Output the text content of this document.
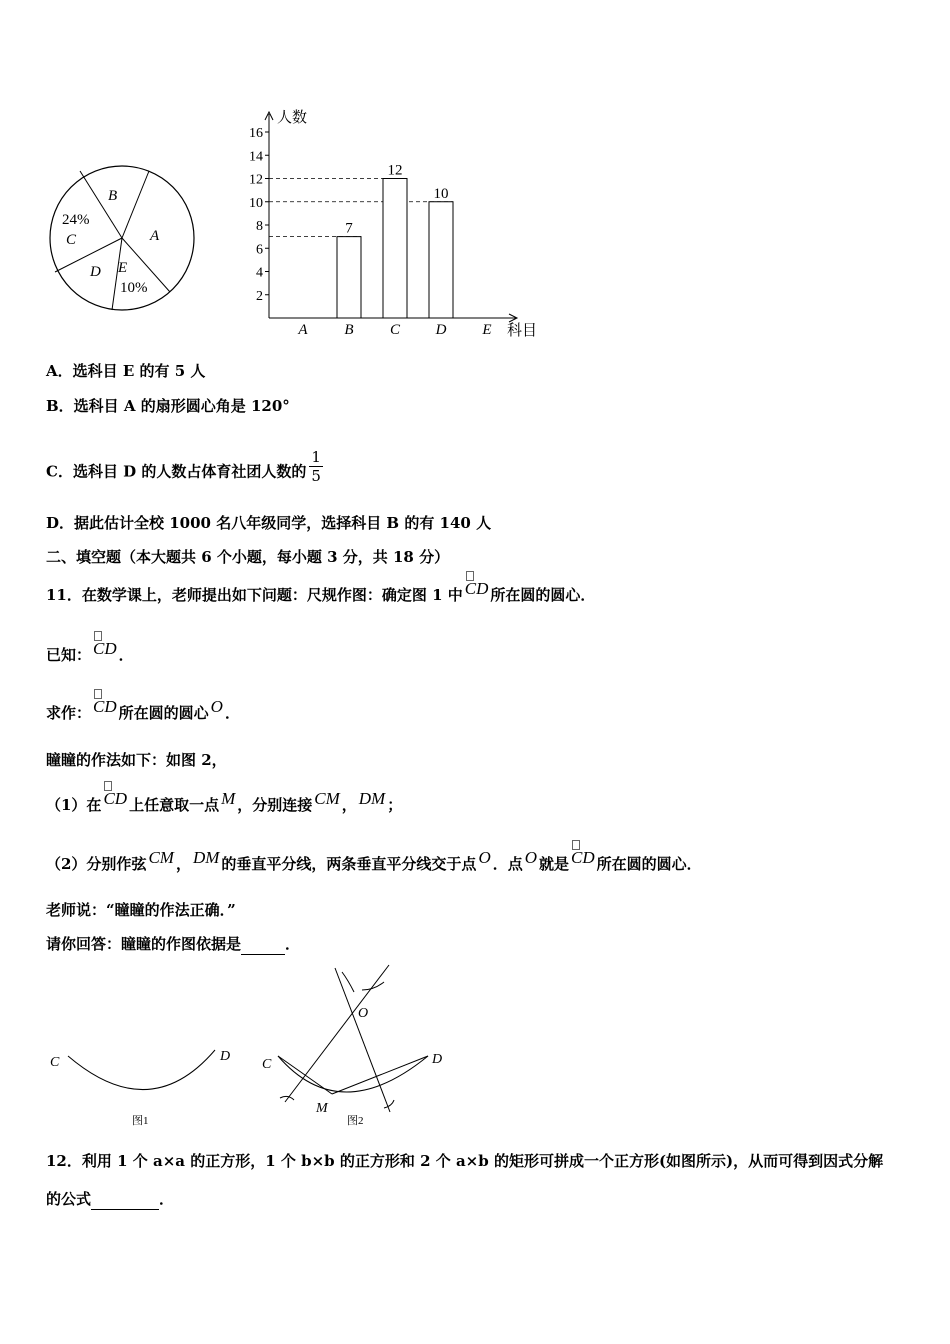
B
A
24%
C
D E
10%
人数
科目
2
4
6
8
10
12
14
16
A B
7
C
12
D
10
E
A．选科目 E 的有 5 人
B．选科目 A 的扇形圆心角是 120°
C．选科目 D 的人数占体育社团人数的 $\frac{1}{5}$
D．据此估计全校 1000 名八年级同学，选择科目 B 的有 140 人
二、填空题（本大题共 6 个小题，每小题 3 分，共 18 分）
11．在数学课上，老师提出如下问题：尺规作图：确定图 1 中 CD 所在圆的圆心．
已知： CD ．
求作： CD 所在圆的圆心 O ．
瞳瞳的作法如下：如图 2，
（1）在 CD 上任意取一点 M ，分别连接 CM ， DM ；
（2）分别作弦 CM ， DM 的垂直平分线，两条垂直平分线交于点 O ．点 O 就是 CD 所在圆的圆心．
老师说：“瞳瞳的作法正确．”
请你回答：瞳瞳的作图依据是	．
C	D
图1
O
C	D
M
图2
12．利用 1 个 a×a 的正方形，1 个 b×b 的正方形和 2 个 a×b 的矩形可拼成一个正方形(如图所示)，从而可得到因式分解
的公式	．
